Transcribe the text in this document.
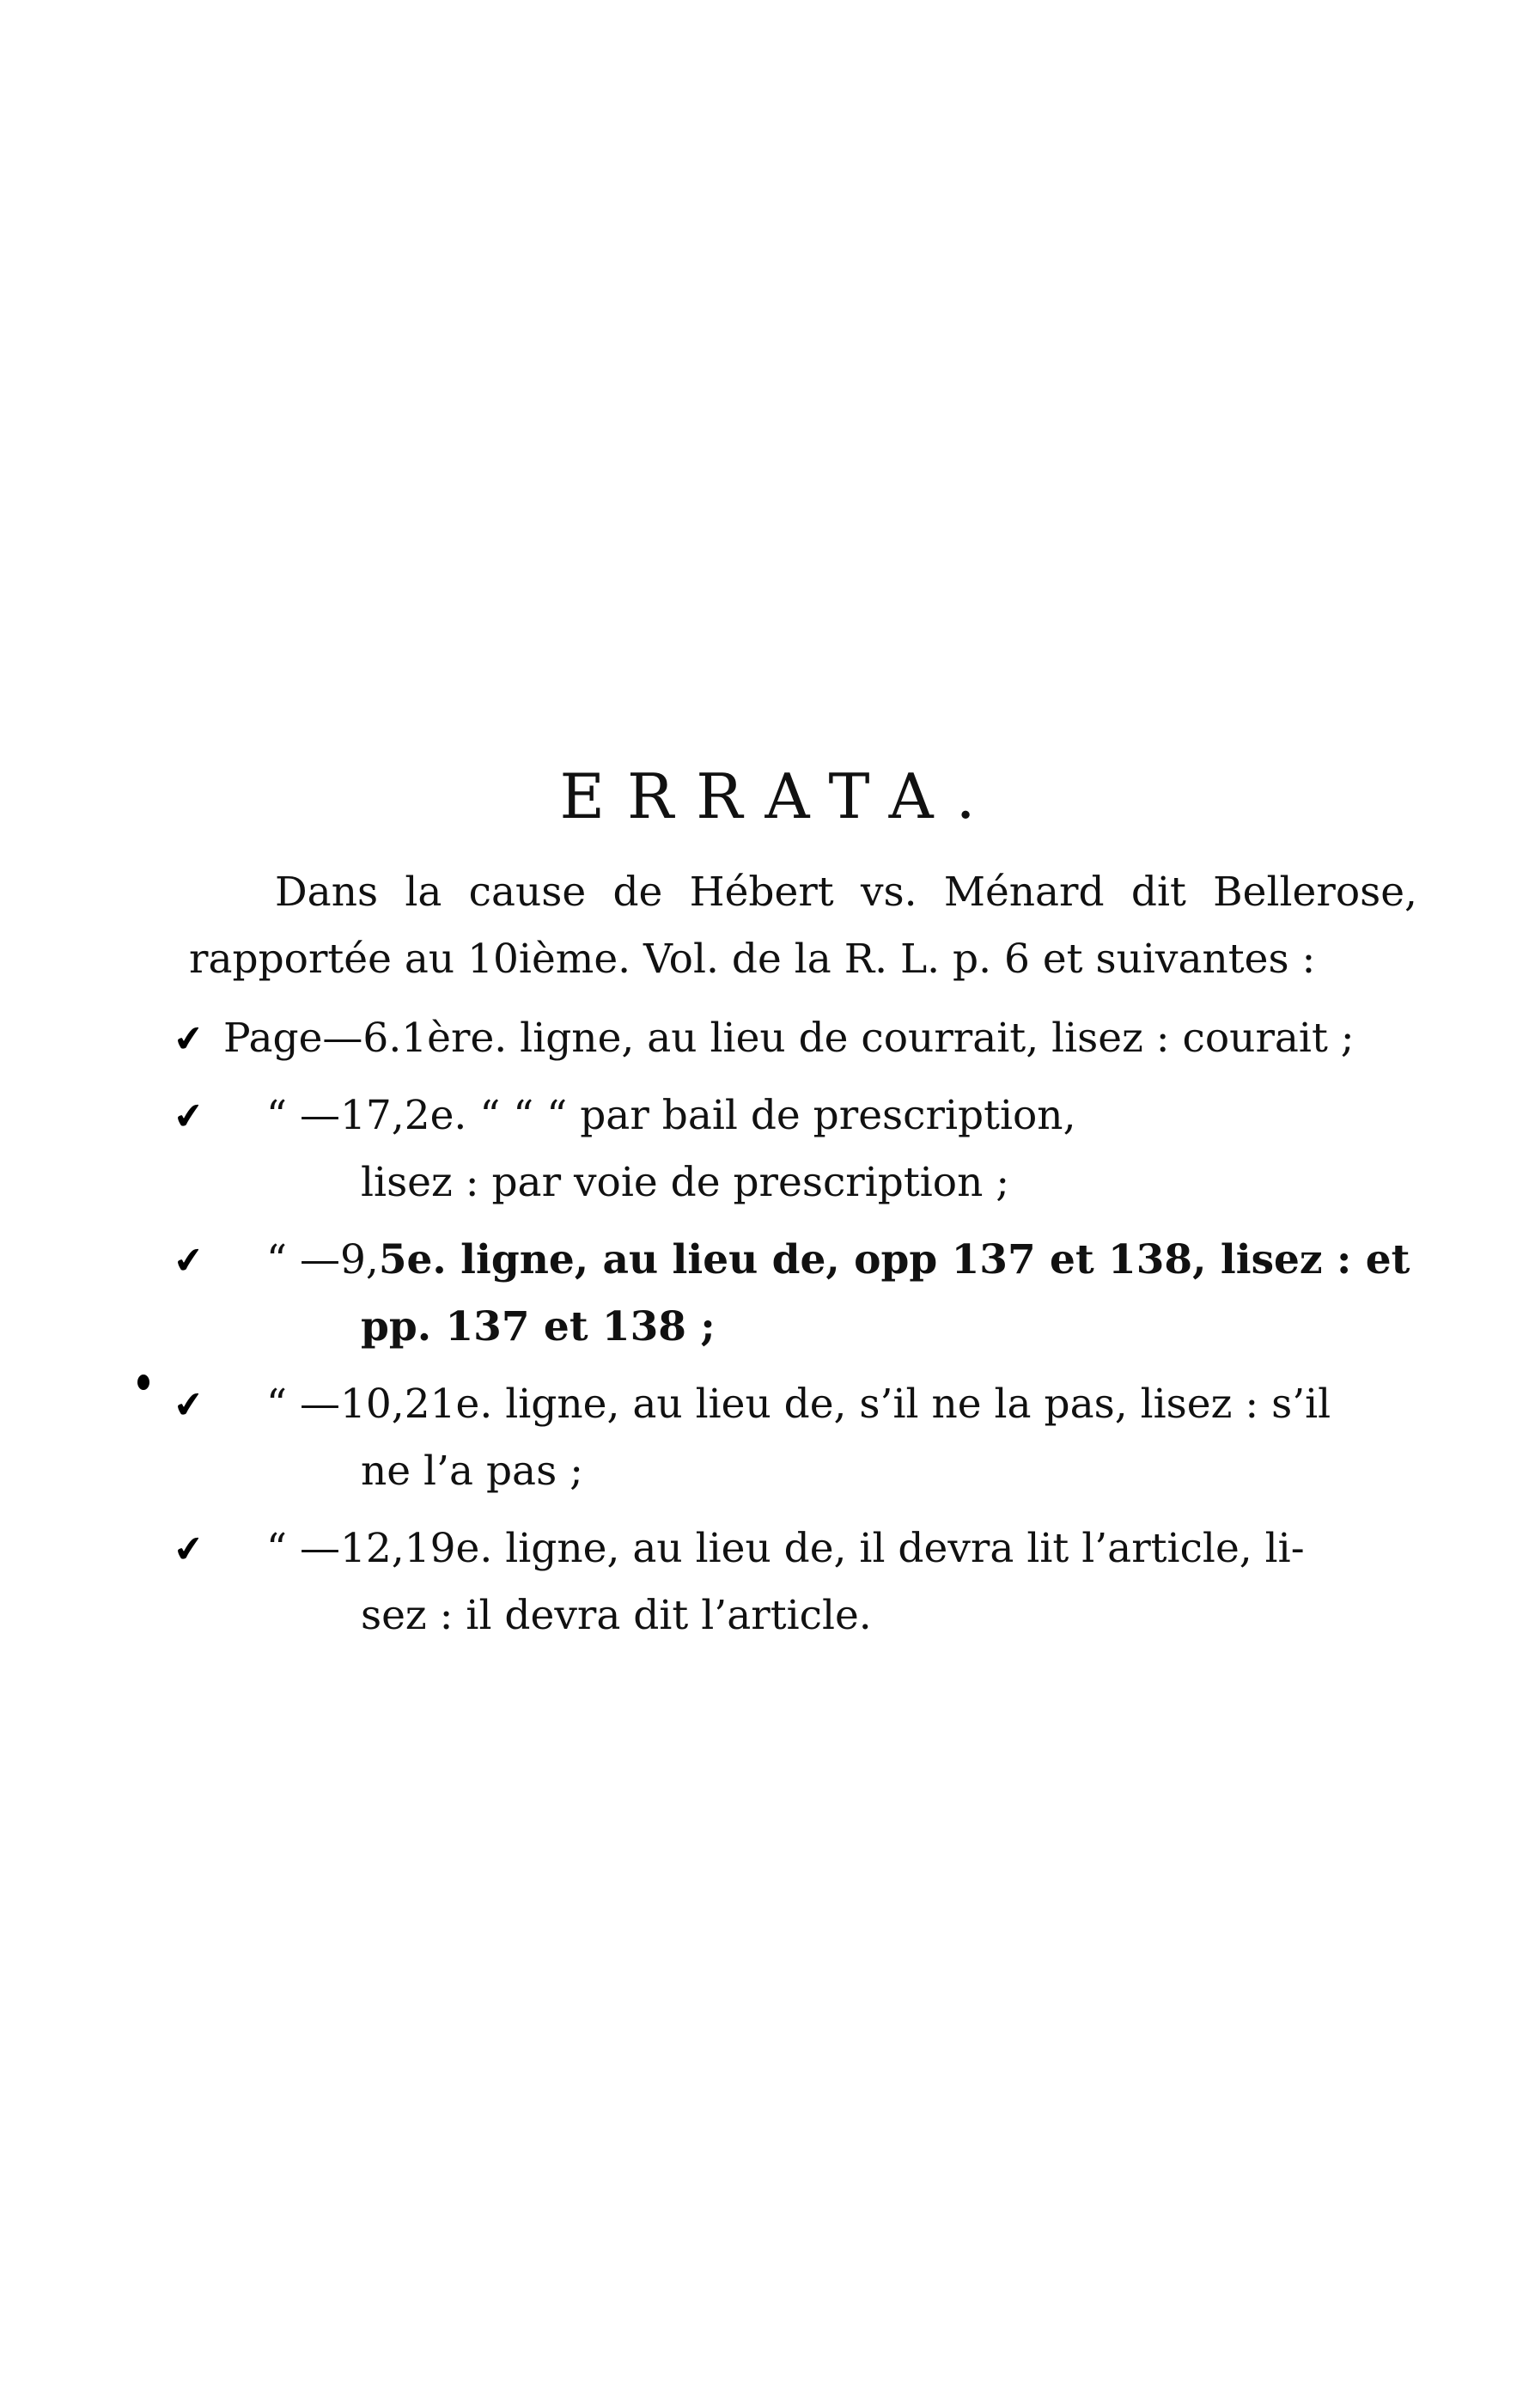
ERRATA.

Dans la cause de Hébert vs. Ménard dit Bellerose, rapportée au 10ième. Vol. de la R. L. p. 6 et suivantes :

✔ Page—6. 1ère. ligne, au lieu de courrait, lisez : courait ;
✔	“ —17, 2e. “ “ “ par bail de prescription,
lisez : par voie de prescription ;
✔	“ —9, 5e. ligne, au lieu de, opp 137 et 138, lisez : et
pp. 137 et 138 ;
✔	“ —10, 21e. ligne, au lieu de, s’il ne la pas, lisez : s’il
ne l’a pas ;
✔	“ —12, 19e. ligne, au lieu de, il devra lit l’article, li-
sez : il devra dit l’article.
